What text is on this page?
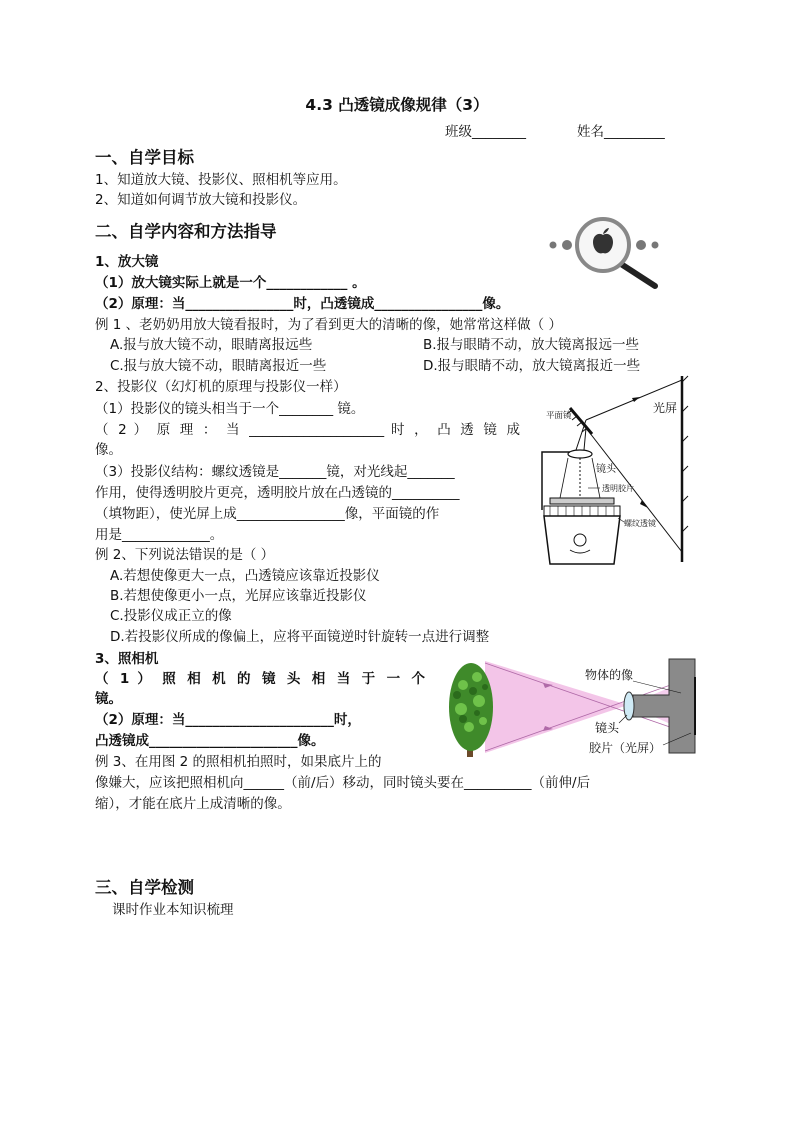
4.3 凸透镜成像规律（3）
班级________	姓名_________
一、自学目标
1、知道放大镜、投影仪、照相机等应用。
2、知道如何调节放大镜和投影仪。
二、自学内容和方法指导
1、放大镜
（1）放大镜实际上就是一个____________ 。
（2）原理：当________________时，凸透镜成________________像。
例 1 、老奶奶用放大镜看报时，为了看到更大的清晰的像，她常常这样做（ ）
A.报与放大镜不动，眼睛离报远些	B.报与眼睛不动，放大镜离报远一些
C.报与放大镜不动，眼睛离报近一些	D.报与眼睛不动，放大镜离报近一些
2、投影仪（幻灯机的原理与投影仪一样）
（1）投影仪的镜头相当于一个________ 镜。
（ 2 ） 原 理 ： 当 ____________________ 时 ， 凸 透 镜 成
像。
（3）投影仪结构：螺纹透镜是_______镜，对光线起_______
作用，使得透明胶片更亮，透明胶片放在凸透镜的__________
（填物距），使光屏上成________________像，平面镜的作
用是_____________。
平面镜
光屏
镜头
透明胶片
螺纹透镜
例 2、下列说法错误的是（ ）
A.若想使像更大一点，凸透镜应该靠近投影仪
B.若想使像更小一点，光屏应该靠近投影仪
C.投影仪成正立的像
D.若投影仪所成的像偏上，应将平面镜逆时针旋转一点进行调整
3、照相机
（ 1 ） 照 相 机 的 镜 头 相 当 于 一 个
镜。
（2）原理：当______________________时，
凸透镜成______________________像。
物体的像
镜头
胶片（光屏）
例 3、在用图 2 的照相机拍照时，如果底片上的
像嫌大，应该把照相机向______（前/后）移动，同时镜头要在__________（前伸/后
缩），才能在底片上成清晰的像。
三、自学检测
课时作业本知识梳理
